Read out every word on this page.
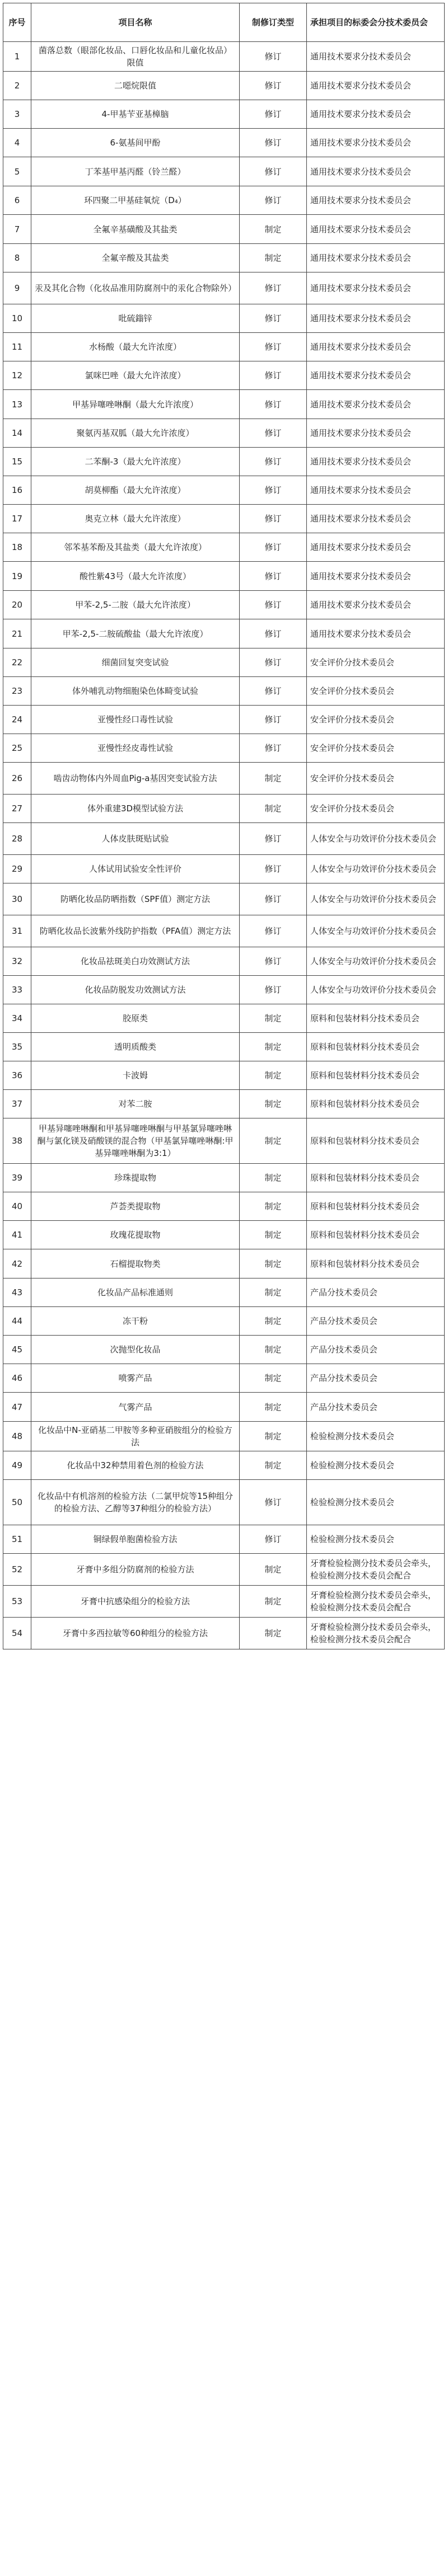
序号	项目名称	制修订类型	承担项目的标委会分技术委员会
1	菌落总数（眼部化妆品、口唇化妆品和儿童化妆品）限值	修订	通用技术要求分技术委员会
2	二噁烷限值	修订	通用技术要求分技术委员会
3	4-甲基苄亚基樟脑	修订	通用技术要求分技术委员会
4	6-氨基间甲酚	修订	通用技术要求分技术委员会
5	丁苯基甲基丙醛（铃兰醛）	修订	通用技术要求分技术委员会
6	环四聚二甲基硅氧烷（D₄）	修订	通用技术要求分技术委员会
7	全氟辛基磺酸及其盐类	制定	通用技术要求分技术委员会
8	全氟辛酸及其盐类	制定	通用技术要求分技术委员会
9	汞及其化合物（化妆品准用防腐剂中的汞化合物除外）	修订	通用技术要求分技术委员会
10	吡硫鎓锌	修订	通用技术要求分技术委员会
11	水杨酸（最大允许浓度）	修订	通用技术要求分技术委员会
12	氯咪巴唑（最大允许浓度）	修订	通用技术要求分技术委员会
13	甲基异噻唑啉酮（最大允许浓度）	修订	通用技术要求分技术委员会
14	聚氨丙基双胍（最大允许浓度）	修订	通用技术要求分技术委员会
15	二苯酮-3（最大允许浓度）	修订	通用技术要求分技术委员会
16	胡莫柳酯（最大允许浓度）	修订	通用技术要求分技术委员会
17	奥克立林（最大允许浓度）	修订	通用技术要求分技术委员会
18	邻苯基苯酚及其盐类（最大允许浓度）	修订	通用技术要求分技术委员会
19	酸性紫43号（最大允许浓度）	修订	通用技术要求分技术委员会
20	甲苯-2,5-二胺（最大允许浓度）	修订	通用技术要求分技术委员会
21	甲苯-2,5-二胺硫酸盐（最大允许浓度）	修订	通用技术要求分技术委员会
22	细菌回复突变试验	修订	安全评价分技术委员会
23	体外哺乳动物细胞染色体畸变试验	修订	安全评价分技术委员会
24	亚慢性经口毒性试验	修订	安全评价分技术委员会
25	亚慢性经皮毒性试验	修订	安全评价分技术委员会
26	啮齿动物体内外周血Pig-a基因突变试验方法	制定	安全评价分技术委员会
27	体外重建3D模型试验方法	制定	安全评价分技术委员会
28	人体皮肤斑贴试验	修订	人体安全与功效评价分技术委员会
29	人体试用试验安全性评价	修订	人体安全与功效评价分技术委员会
30	防晒化妆品防晒指数（SPF值）测定方法	修订	人体安全与功效评价分技术委员会
31	防晒化妆品长波紫外线防护指数（PFA值）测定方法	修订	人体安全与功效评价分技术委员会
32	化妆品祛斑美白功效测试方法	修订	人体安全与功效评价分技术委员会
33	化妆品防脱发功效测试方法	修订	人体安全与功效评价分技术委员会
34	胶原类	制定	原料和包装材料分技术委员会
35	透明质酸类	制定	原料和包装材料分技术委员会
36	卡波姆	制定	原料和包装材料分技术委员会
37	对苯二胺	制定	原料和包装材料分技术委员会
38	甲基异噻唑啉酮和甲基异噻唑啉酮与甲基氯异噻唑啉酮与氯化镁及硝酸镁的混合物（甲基氯异噻唑啉酮:甲基异噻唑啉酮为3:1）	制定	原料和包装材料分技术委员会
39	珍珠提取物	制定	原料和包装材料分技术委员会
40	芦荟类提取物	制定	原料和包装材料分技术委员会
41	玫瑰花提取物	制定	原料和包装材料分技术委员会
42	石榴提取物类	制定	原料和包装材料分技术委员会
43	化妆品产品标准通则	制定	产品分技术委员会
44	冻干粉	制定	产品分技术委员会
45	次抛型化妆品	制定	产品分技术委员会
46	喷雾产品	制定	产品分技术委员会
47	气雾产品	制定	产品分技术委员会
48	化妆品中N-亚硝基二甲胺等多种亚硝胺组分的检验方法	制定	检验检测分技术委员会
49	化妆品中32种禁用着色剂的检验方法	制定	检验检测分技术委员会
50	化妆品中有机溶剂的检验方法（二氯甲烷等15种组分的检验方法、乙醇等37种组分的检验方法）	修订	检验检测分技术委员会
51	铜绿假单胞菌检验方法	修订	检验检测分技术委员会
52	牙膏中多组分防腐剂的检验方法	制定	牙膏检验检测分技术委员会牵头，检验检测分技术委员会配合
53	牙膏中抗感染组分的检验方法	制定	牙膏检验检测分技术委员会牵头，检验检测分技术委员会配合
54	牙膏中多西拉敏等60种组分的检验方法	制定	牙膏检验检测分技术委员会牵头，检验检测分技术委员会配合
